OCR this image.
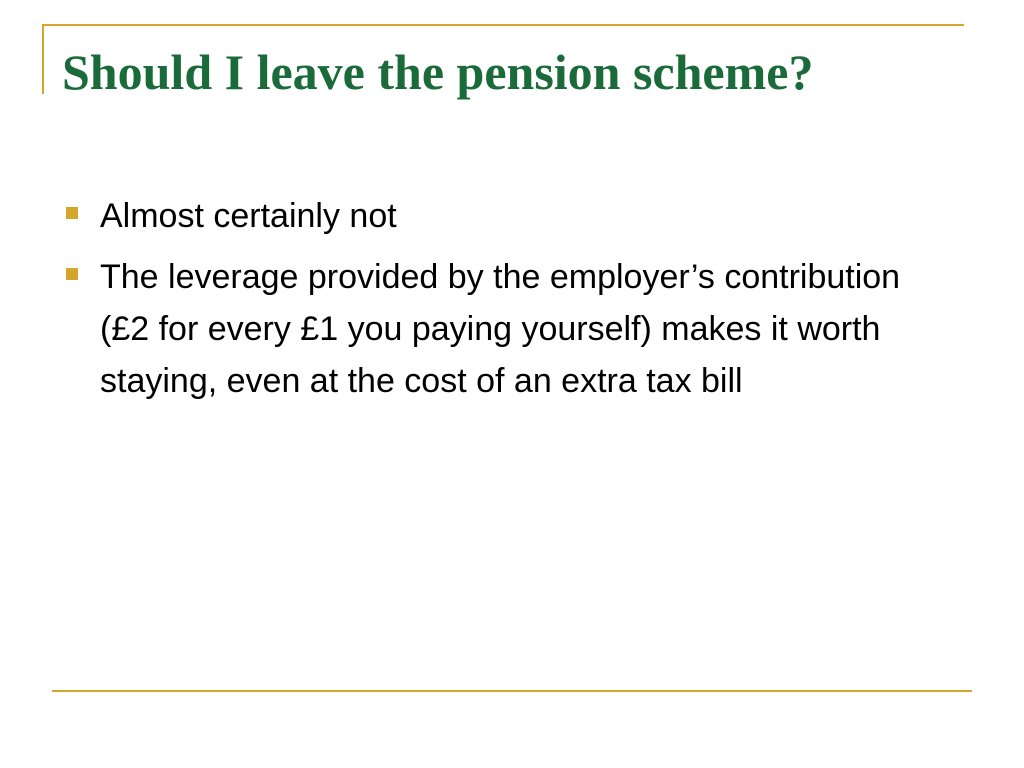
Should I leave the pension scheme?
Almost certainly not
The leverage provided by the employer’s contribution (£2 for every £1 you paying yourself) makes it worth staying, even at the cost of an extra tax bill
